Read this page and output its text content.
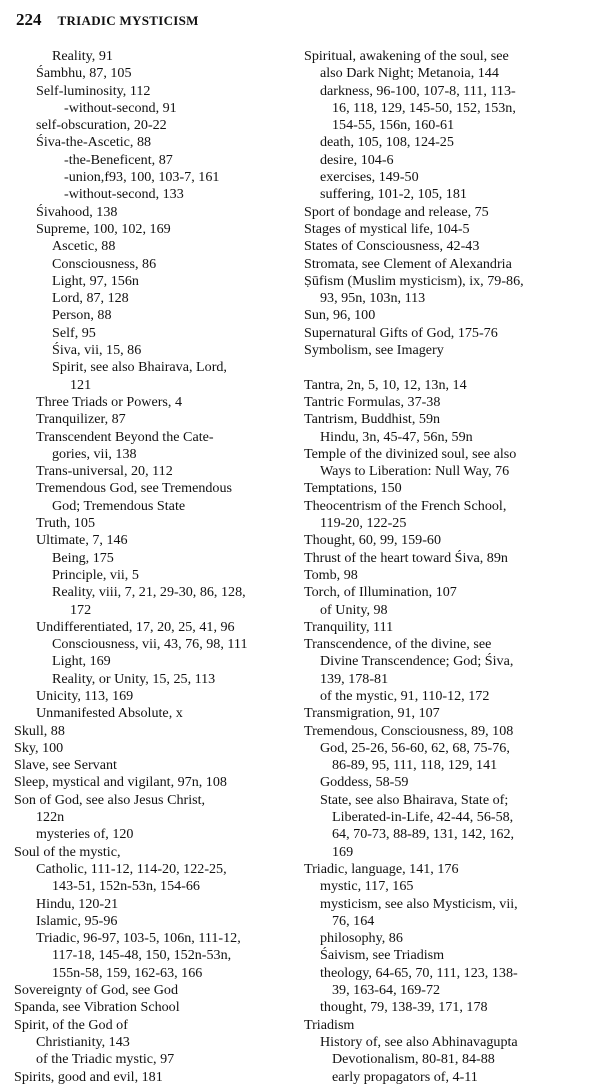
224 TRIADIC MYSTICISM
Reality, 91
Śambhu, 87, 105
Self-luminosity, 112
-without-second, 91
self-obscuration, 20-22
Śiva-the-Ascetic, 88
-the-Beneficent, 87
-union,f93, 100, 103-7, 161
-without-second, 133
Śivahood, 138
Supreme, 100, 102, 169
Ascetic, 88
Consciousness, 86
Light, 97, 156n
Lord, 87, 128
Person, 88
Self, 95
Śiva, vii, 15, 86
Spirit, see also Bhairava, Lord,
121
Three Triads or Powers, 4
Tranquilizer, 87
Transcendent Beyond the Cate-
gories, vii, 138
Trans-universal, 20, 112
Tremendous God, see Tremendous
God; Tremendous State
Truth, 105
Ultimate, 7, 146
Being, 175
Principle, vii, 5
Reality, viii, 7, 21, 29-30, 86, 128,
172
Undifferentiated, 17, 20, 25, 41, 96
Consciousness, vii, 43, 76, 98, 111
Light, 169
Reality, or Unity, 15, 25, 113
Unicity, 113, 169
Unmanifested Absolute, x
Skull, 88
Sky, 100
Slave, see Servant
Sleep, mystical and vigilant, 97n, 108
Son of God, see also Jesus Christ,
122n
mysteries of, 120
Soul of the mystic,
Catholic, 111-12, 114-20, 122-25,
143-51, 152n-53n, 154-66
Hindu, 120-21
Islamic, 95-96
Triadic, 96-97, 103-5, 106n, 111-12,
117-18, 145-48, 150, 152n-53n,
155n-58, 159, 162-63, 166
Sovereignty of God, see God
Spanda, see Vibration School
Spirit, of the God of
Christianity, 143
of the Triadic mystic, 97
Spirits, good and evil, 181
Spiritual, awakening of the soul, see
also Dark Night; Metanoia, 144
darkness, 96-100, 107-8, 111, 113-
16, 118, 129, 145-50, 152, 153n,
154-55, 156n, 160-61
death, 105, 108, 124-25
desire, 104-6
exercises, 149-50
suffering, 101-2, 105, 181
Sport of bondage and release, 75
Stages of mystical life, 104-5
States of Consciousness, 42-43
Stromata, see Clement of Alexandria
Ṣūfism (Muslim mysticism), ix, 79-86,
93, 95n, 103n, 113
Sun, 96, 100
Supernatural Gifts of God, 175-76
Symbolism, see Imagery
Tantra, 2n, 5, 10, 12, 13n, 14
Tantric Formulas, 37-38
Tantrism, Buddhist, 59n
Hindu, 3n, 45-47, 56n, 59n
Temple of the divinized soul, see also
Ways to Liberation: Null Way, 76
Temptations, 150
Theocentrism of the French School,
119-20, 122-25
Thought, 60, 99, 159-60
Thrust of the heart toward Śiva, 89n
Tomb, 98
Torch, of Illumination, 107
of Unity, 98
Tranquility, 111
Transcendence, of the divine, see
Divine Transcendence; God; Śiva,
139, 178-81
of the mystic, 91, 110-12, 172
Transmigration, 91, 107
Tremendous, Consciousness, 89, 108
God, 25-26, 56-60, 62, 68, 75-76,
86-89, 95, 111, 118, 129, 141
Goddess, 58-59
State, see also Bhairava, State of;
Liberated-in-Life, 42-44, 56-58,
64, 70-73, 88-89, 131, 142, 162,
169
Triadic, language, 141, 176
mystic, 117, 165
mysticism, see also Mysticism, vii,
76, 164
philosophy, 86
Śaivism, see Triadism
theology, 64-65, 70, 111, 123, 138-
39, 163-64, 169-72
thought, 79, 138-39, 171, 178
Triadism
History of, see also Abhinavagupta
Devotionalism, 80-81, 84-88
early propagators of, 4-11
